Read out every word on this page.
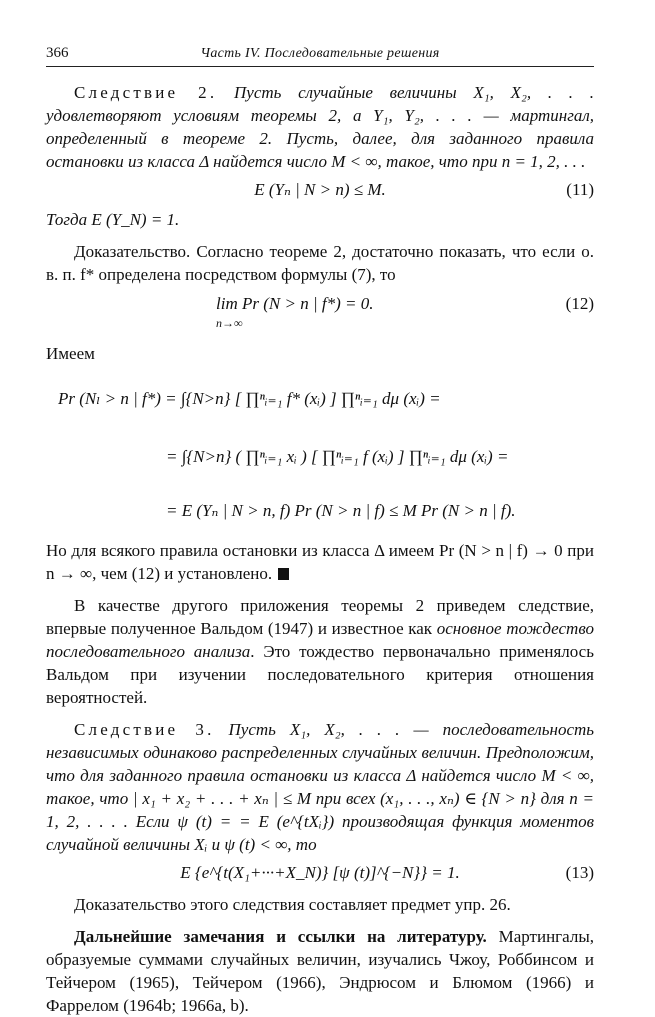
366	Часть IV. Последовательные решения

Следствие 2. Пусть случайные величины X₁, X₂, . . . удовлетворяют условиям теоремы 2, а Y₁, Y₂, . . . — мартингал, определенный в теореме 2. Пусть, далее, для заданного правила остановки из класса Δ найдется число M < ∞, такое, что при n = 1, 2, . . .

E (Yₙ | N > n) ≤ M.	(11)

Тогда E (Y_N) = 1.

Доказательство. Согласно теореме 2, достаточно показать, что если о. в. п. f* определена посредством формулы (7), то

lim Pr (N > n | f*) = 0.
n→∞
(12)

Имеем

Pr (Nₗ > n | f*) = ∫{N>n} [ ∏ⁿᵢ₌₁ f* (xᵢ) ] ∏ⁿᵢ₌₁ dμ (xᵢ) =
= ∫{N>n} ( ∏ⁿᵢ₌₁ xᵢ ) [ ∏ⁿᵢ₌₁ f (xᵢ) ] ∏ⁿᵢ₌₁ dμ (xᵢ) =
= E (Yₙ | N > n, f) Pr (N > n | f) ≤ M Pr (N > n | f).

Но для всякого правила остановки из класса Δ имеем Pr (N > n | f) → 0 при n → ∞, чем (12) и установлено.

В качестве другого приложения теоремы 2 приведем следствие, впервые полученное Вальдом (1947) и известное как основное тождество последовательного анализа. Это тождество первоначально применялось Вальдом при изучении последовательного критерия отношения вероятностей.

Следствие 3. Пусть X₁, X₂, . . . — последовательность независимых одинаково распределенных случайных величин. Предположим, что для заданного правила остановки из класса Δ найдется число M < ∞, такое, что | x₁ + x₂ + . . . + xₙ | ≤ M при всех (x₁, . . ., xₙ) ∈ {N > n} для n = 1, 2, . . . . Если ψ (t) = = E (e^{tXᵢ}) производящая функция моментов случайной величины Xᵢ и ψ (t) < ∞, то

E {e^{t(X₁+···+X_N)} [ψ (t)]^{−N}} = 1.	(13)

Доказательство этого следствия составляет предмет упр. 26.

Дальнейшие замечания и ссылки на литературу. Мартингалы, образуемые суммами случайных величин, изучались Чжоу, Роббинсом и Тейчером (1965), Тейчером (1966), Эндрюсом и Блюмом (1966) и Фаррелом (1964b; 1966a, b).
